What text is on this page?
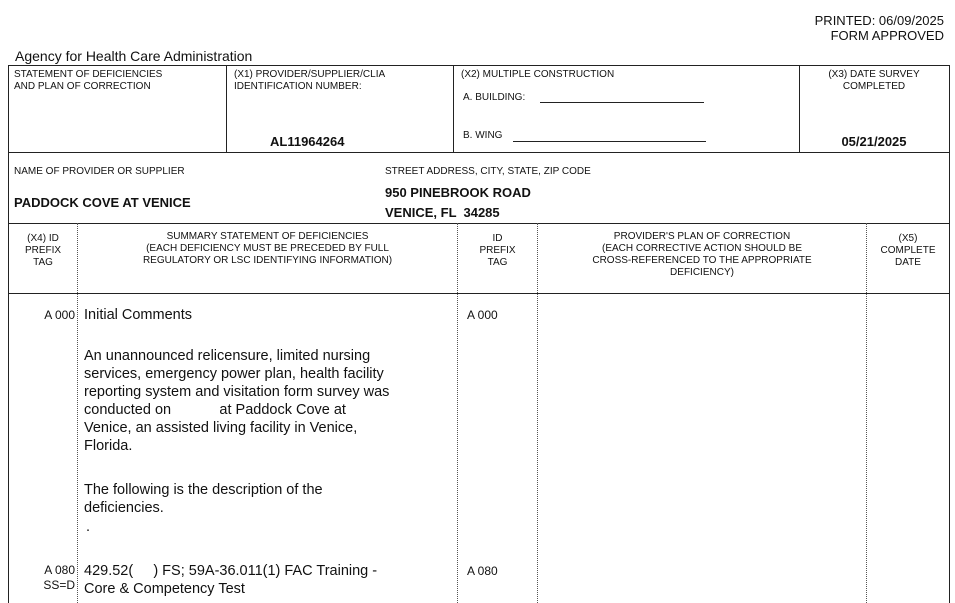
PRINTED: 06/09/2025
FORM APPROVED
Agency for Health Care Administration
STATEMENT OF DEFICIENCIES
AND PLAN OF CORRECTION
(X1) PROVIDER/SUPPLIER/CLIA
IDENTIFICATION NUMBER:
AL11964264
(X2) MULTIPLE CONSTRUCTION
A. BUILDING:
B. WING
(X3) DATE SURVEY
COMPLETED
05/21/2025
NAME OF PROVIDER OR SUPPLIER
PADDOCK COVE AT VENICE
STREET ADDRESS, CITY, STATE, ZIP CODE
950 PINEBROOK ROAD
VENICE, FL  34285
(X4) ID
PREFIX
TAG
SUMMARY STATEMENT OF DEFICIENCIES
(EACH DEFICIENCY MUST BE PRECEDED BY FULL
REGULATORY OR LSC IDENTIFYING INFORMATION)
ID
PREFIX
TAG
PROVIDER'S PLAN OF CORRECTION
(EACH CORRECTIVE ACTION SHOULD BE
CROSS-REFERENCED TO THE APPROPRIATE
DEFICIENCY)
(X5)
COMPLETE
DATE
A 000 Initial Comments	A 000
An unannounced relicensure, limited nursing
services, emergency power plan, health facility
reporting system and visitation form survey was
conducted on            at Paddock Cove at
Venice, an assisted living facility in Venice,
Florida.
The following is the description of the
deficiencies.
.
A 080
SS=D
429.52(     ) FS; 59A-36.011(1) FAC Training -
Core & Competency Test
A 080
